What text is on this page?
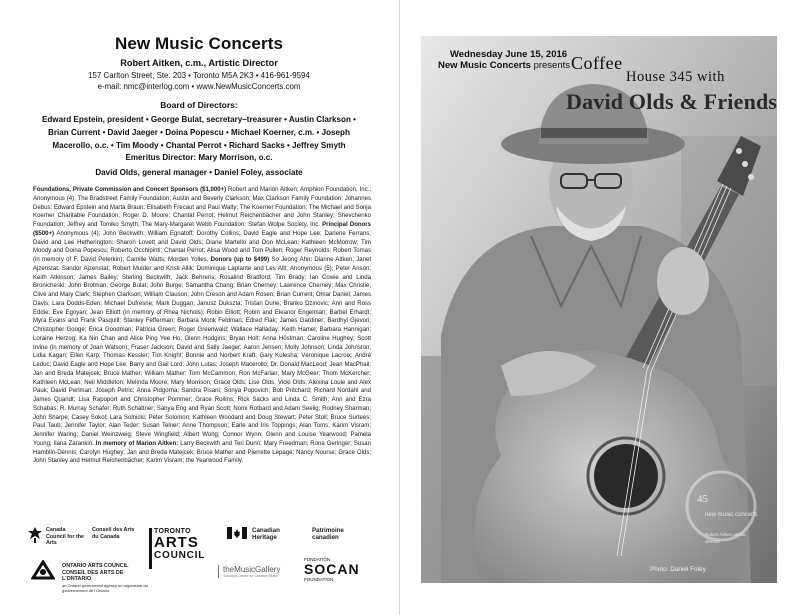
New Music Concerts
Robert Aitken, c.m., Artistic Director
157 Carlton Street, Ste. 203 • Toronto M5A 2K3 • 416-961-9594
e-mail: nmc@interlog.com • www.NewMusicConcerts.com
Board of Directors:
Edward Epstein, president • George Bulat, secretary–treasurer • Austin Clarkson • Brian Current • David Jaeger • Doina Popescu • Michael Koerner, c.m. • Joseph Macerollo, o.c. • Tim Moody • Chantal Perrot • Richard Sacks • Jeffrey Smyth
Emeritus Director: Mary Morrison, o.c.
David Olds, general manager • Daniel Foley, associate
Foundations, Private Commission and Concert Sponsors ($1,000+) Robert and Marion Aitken; Amphion Foundation, Inc.; Anonymous (4); The Bradstreet Family Foundation; Austin and Beverly Clarkson; Max Clarkson Family Foundation; Johannes Debus; Edward Epstein and Marta Braun; Elisabeth Frecaut and Paul Walty; The Koerner Foundation; The Michael and Sonja Koerner Charitable Foundation; Roger D. Moore; Chantal Perrot; Helmut Reichenbächer and John Stanley; Shevchenko Foundation; Jeffrey and Tomiko Smyth; The Mary-Margaret Webb Foundation; Stefan Wolpe Society, Inc. Principal Donors ($500+) Anonymous (4); John Beckwith; William Egnatoff; Dorothy Collins; David Eagle and Hope Lee; Darlene Ferrans; David and Lee Hetherington; Sharon Lovett and David Olds; Diane Martello and Don McLean; Kathleen McMorrow; Tim Moody and Doina Popescu; Roberto Occhipinti; Chantal Perrot; Alisa Wood and Tom Pullen; Roger Reynolds; Robert Tomas (in memory of F. David Peterkin); Camille Watts; Morden Yolles. Donors (up to $499) So Jeong Ahn; Dianne Aitken; Janet Ajzenstat; Sandor Ajzenstat; Robert Mulder and Kristi Allik; Dominique Laplante and Les Allt; Anonymous (5); Peter Anson; Keith Atkinson; James Bailey; Sterling Beckwith; Jack Behrens; Rosalind Bradford; Tim Brady; Ian Cowie and Linda Bronicheski; John Brotman; George Bulat; John Burge; Samantha Chang; Brian Cherney; Lawrence Cherney; Max Christie; Clive and Mary Clark; Stephen Clarkson; William Clauson; John Creson and Adam Rosen; Brian Current; Omar Daniel; James Davis; Lara Dodds-Eden; Michael Dufresne; Mark Duggan; Janusz Dukszta; Tristan Durie; Branko Dzinovic; Ann and Ross Eddie; Eve Egoyan; Jean Elliott (in memory of Rhea Nichols); Robin Elliott; Robin and Eleanor Engelman; Barbel Erhardt; Myra Evans and Frank Pasquill; Stanley Fefferman; Barbara Monk Feldman; Edred Flak; James Gardiner; Bardhyl Gjevori; Christopher Googe; Erica Goodman; Patricia Green; Roger Greenwald; Wallace Halladay; Keith Hamel; Barbara Hannigan; Loraine Herzog; Ka Nin Chan and Alice Ping Yee Ho; Glenn Hodgins; Bryan Holt; Anna Höstman; Caroline Hughey; Scott Irvine (in memory of Joan Watson); Fraser Jackson; David and Sally Jaeger; Aaron Jensen; Molly Johnson; Linda Johnston; Lidia Kagan; Ellen Karp; Thomas Kessler; Tim Knight; Bonnie and Norbert Kraft; Gary Kulesha; Véronique Lacroix; André Leduc; David Eagle and Hope Lee; Barry and Gail Lord; John Lutas; Joseph Macerollo; Dr. Donald MacLeod; Jean MacPhail; Jan and Breda Matejcek; Bruce Mather; William Mather; Tom McCammon; Ron McFarlan; Mary McGeer; Thom McKercher; Kathleen McLean; Neil Middleton; Melinda Moore; Mary Morrison; Grace Olds; Lise Olds; Vicki Olds; Alexina Louie and Alex Pauk; David Perlman; Joseph Petric; Anna Pidgorna; Sandra Pisani; Sonya Popovich; Bob Pritchard; Richard Nordahl and James Quandt; Lisa Rapoport and Christopher Pommer; Grace Rollins; Rick Sacks and Linda C. Smith; Ann and Ezra Schabas; R. Murray Schafer; Ruth Schattner; Sanya Eng and Ryan Scott; Nomi Rotbard and Adam Seelig; Rodney Sharman; John Sharpe; Casey Sokol; Lara Solnicki; Peter Solomon; Kathleen Woodard and Doug Stewart; Peter Stoll; Bruce Surtees; Paul Taub; Jennifer Taylor; Alan Teder; Susan Telner; Anne Thompson; Earle and Iris Toppings; Alan Toms; Karim Visram; Jennifer Waring; Daniel Weinzweig; Steve Wingfield; Albert Wong; Connor Wynn; Glenn and Louise Yearwood; Pamela Young; Ilana Zarankin. In memory of Marion Aitken: Larry Beckwith and Teri Dunn; Mary Freedman; Rona Geringer; Susan Hamblin-Dennis; Carolyn Hughey; Jan and Breda Matejcek; Bruce Mather and Pierrette Lepage; Nancy Nourse; Grace Olds; John Stanley and Helmut Reichenbächer; Karim Visram; the Yearwood Family.
Canada Council for the Arts
Conseil des Arts du Canada
ONTARIO ARTS COUNCIL
CONSEIL DES ARTS DE L'ONTARIO
an Ontario government agency un organisme du gouvernement de l'Ontario
TORONTO
ARTS
COUNCIL
Canadian Heritage
Patrimoine canadien
theMusicGallery
Toronto's Centre for Creative Music
FONDATION
SOCAN
FOUNDATION
Wednesday June 15, 2016
New Music Concerts presents Coffee
House 345 with
David Olds & Friends
45
new music concerts
Robert Aitken artistic director
Photo: Daniel Foley
